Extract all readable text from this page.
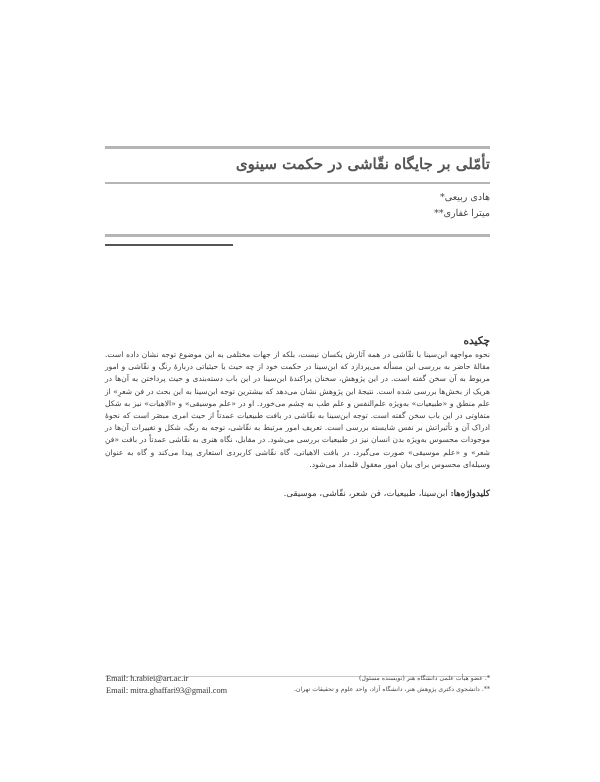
تأمّلی بر جایگاه نقّاشی در حکمت سینوی
هادی ربیعی*
میترا غفاری**
چکیده
نحوه مواجهه ابن‌سینا با نقّاشی در همه آثارش یکسان نیست، بلکه از جهات مختلفی به این موضوع توجه نشان داده است. مقالهٔ حاضر به بررسی این مسأله می‌پردازد که ابن‌سینا در حکمت خود از چه حیث یا حیثیاتی دربارهٔ رنگ و نقّاشی و امور مربوط به آن سخن گفته است. در این پژوهش، سخنان پراکندهٔ ابن‌سینا در این باب دسته‌بندی و حیث پرداختن به آن‌ها در هریک از بخش‌ها بررسی شده است. نتیجهٔ این پژوهش نشان می‌دهد که بیشترین توجه ابن‌سینا به این بحث در فن شعرِ» از علم منطق و «طبیعیات» به‌ویژه علم‌النفس و علم طب به چشم می‌خورد. او در «علم موسیقی» و «الاهیات» نیز به شکل متفاوتی در این باب سخن گفته است. توجه ابن‌سینا به نقّاشی در بافت طبیعیات عمدتاً از حیث امری مبصَر است که نحوهٔ ادراک آن و تأثیراتش بر نفس شایسته بررسی است. تعریف امور مرتبط به نقّاشی، توجه به رنگ، شکل و تغییرات آن‌ها در موجودات محسوس به‌ویژه بدن انسان نیز در طبیعیات بررسی می‌شود. در مقابل، نگاه هنری به نقّاشی عمدتاً در بافت «فن شعر» و «علم موسیقی» صورت می‌گیرد. در بافت الاهیاتی، گاه نقّاشی کاربردی استعاری پیدا می‌کند و گاه به عنوان وسیله‌ای محسوس برای بیان امور معقول قلمداد می‌شود.
کلیدواژه‌ها: ابن‌سینا، طبیعیات، فن شعر، نقّاشی، موسیقی.
Email: h.rabiei@art.ac.ir
Email: mitra.ghaffari93@gmail.com
*. عضو هیأت علمی دانشگاه هنر (نویسنده مسئول)
**. دانشجوی دکتری پژوهش هنر، دانشگاه آزاد، واحد علوم و تحقیقات تهران.
